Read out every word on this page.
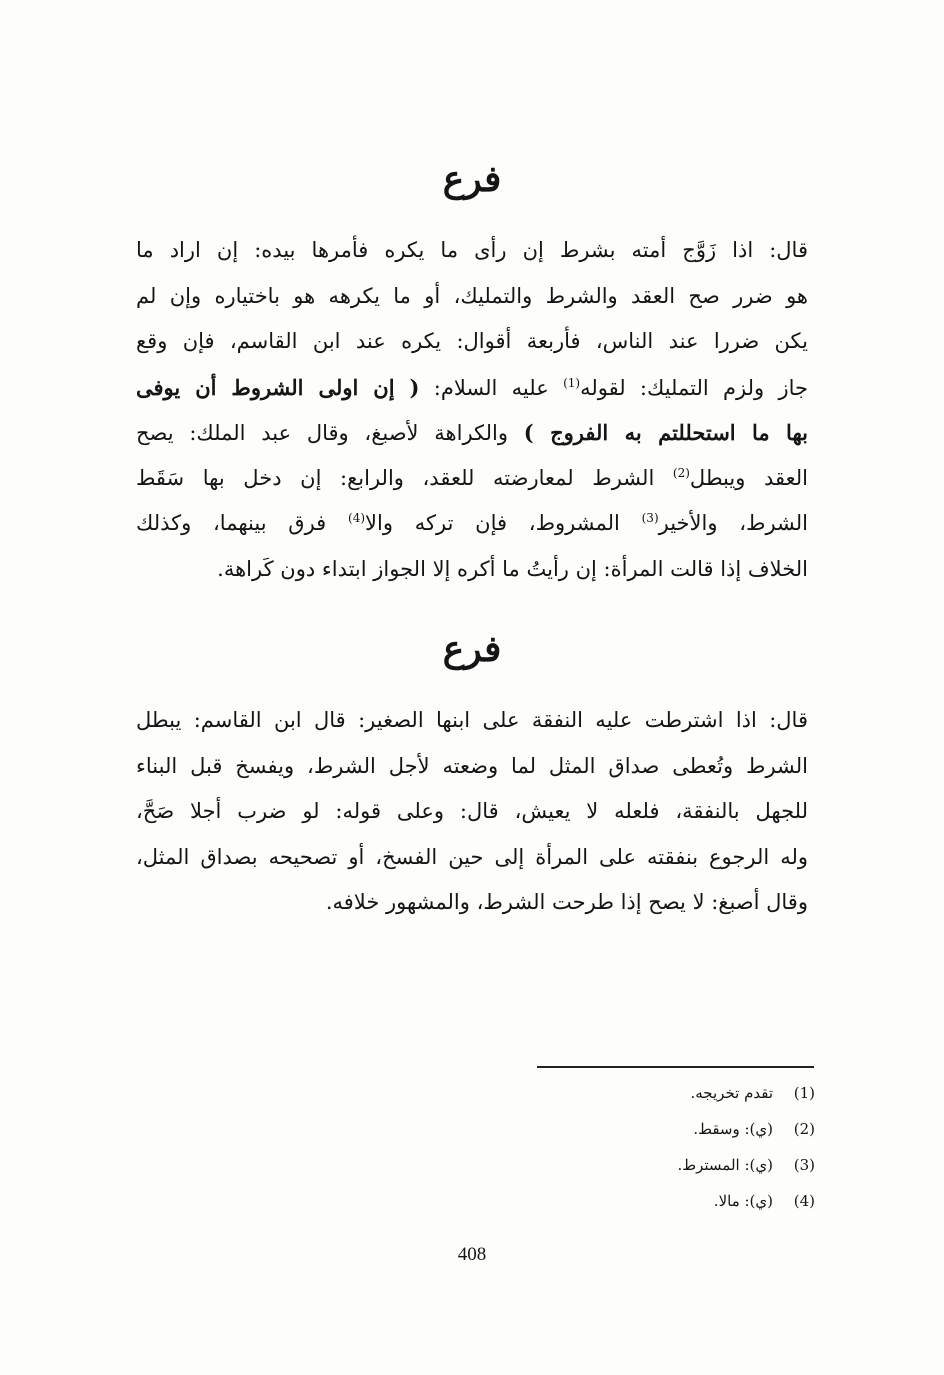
فرع
قال: اذا زَوَّج أمته بشرط إن رأى ما يكره فأمرها بيده: إن اراد ما
هو ضرر صح العقد والشرط والتمليك، أو ما يكرهه هو باختياره وإن لم
يكن ضررا عند الناس، فأربعة أقوال: يكره عند ابن القاسم، فإن وقع
جاز ولزم التمليك: لقوله$^{(1)}$ عليه السلام: ( إن اولى الشروط أن يوفى
بها ما استحللتم به الفروج ) والكراهة لأصبغ، وقال عبد الملك: يصح
العقد ويبطل$^{(2)}$ الشرط لمعارضته للعقد، والرابع: إن دخل بها سَقَط
الشرط، والأخير$^{(3)}$ المشروط، فإن تركه والا$^{(4)}$ فرق بينهما، وكذلك
الخلاف إذا قالت المرأة: إن رأيتُ ما أكره إلا الجواز ابتداء دون كَراهة.
فرع
قال: اذا اشترطت عليه النفقة على ابنها الصغير: قال ابن القاسم: يبطل
الشرط وتُعطى صداق المثل لما وضعته لأجل الشرط، ويفسخ قبل البناء
للجهل بالنفقة، فلعله لا يعيش، قال: وعلى قوله: لو ضرب أجلا صَحَّ،
وله الرجوع بنفقته على المرأة إلى حين الفسخ، أو تصحيحه بصداق المثل،
وقال أصبغ: لا يصح إذا طرحت الشرط، والمشهور خلافه.
(1)تقدم تخريجه.
(2)(ي): وسقط.
(3)(ي): المسترط.
(4)(ي): مالا.
408
